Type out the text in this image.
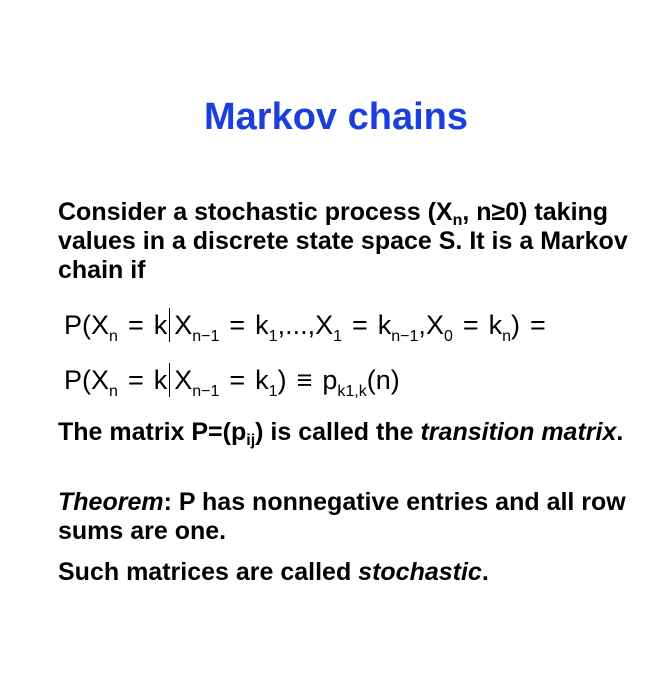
Markov chains
Consider a stochastic process ($X_n$, n≥0) taking values in a discrete state space S. It is a Markov chain if
$P(X_n = k$ $X_{n-1} = k_1,...,X_1 = k_{n-1},X_0 = k_n$) =
$P(X_n = k$ $X_{n-1} = k_1) \equiv p_{k1,k}(n)$
The matrix $P=(p_{ij})$ is called the transition matrix.
Theorem: P has nonnegative entries and all row sums are one.
Such matrices are called stochastic.
